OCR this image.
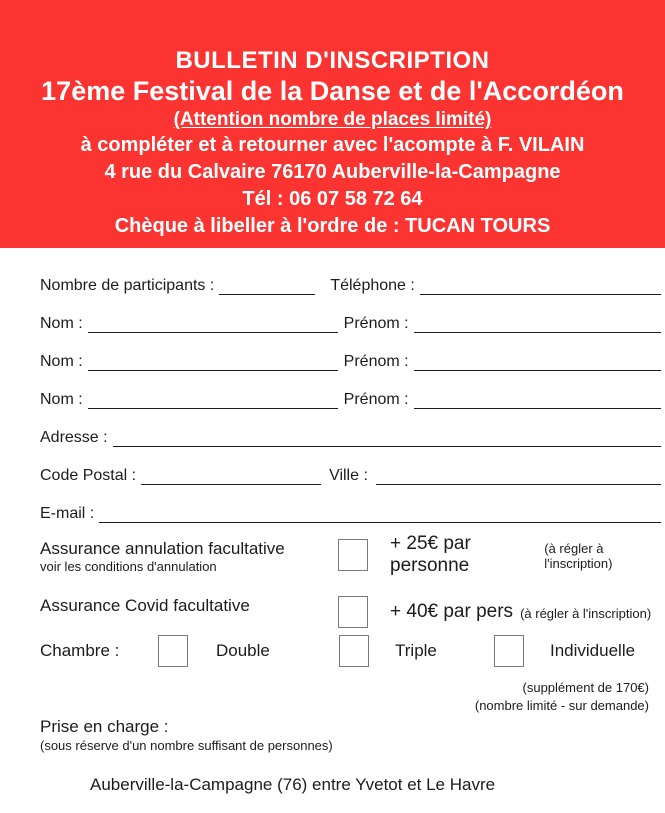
BULLETIN D'INSCRIPTION
17ème Festival de la Danse et de l'Accordéon
(Attention nombre de places limité)
à compléter et à retourner avec l'acompte à F. VILAIN
4 rue du Calvaire 76170 Auberville-la-Campagne
Tél : 06 07 58 72 64
Chèque à libeller à l'ordre de : TUCAN TOURS
Nombre de participants :	Téléphone :
Nom :	Prénom :
Nom :	Prénom :
Nom :	Prénom :
Adresse :
Code Postal :	Ville :
E-mail :
Assurance annulation facultative
voir les conditions d'annulation
+ 25€ par personne
(à régler à l'inscription)
Assurance Covid facultative	+ 40€ par pers (à régler à l'inscription)
Chambre :	Double	Triple	Individuelle
(supplément de 170€)
(nombre limité - sur demande)
Prise en charge :
(sous réserve d'un nombre suffisant de personnes)
Auberville-la-Campagne (76) entre Yvetot et Le Havre
